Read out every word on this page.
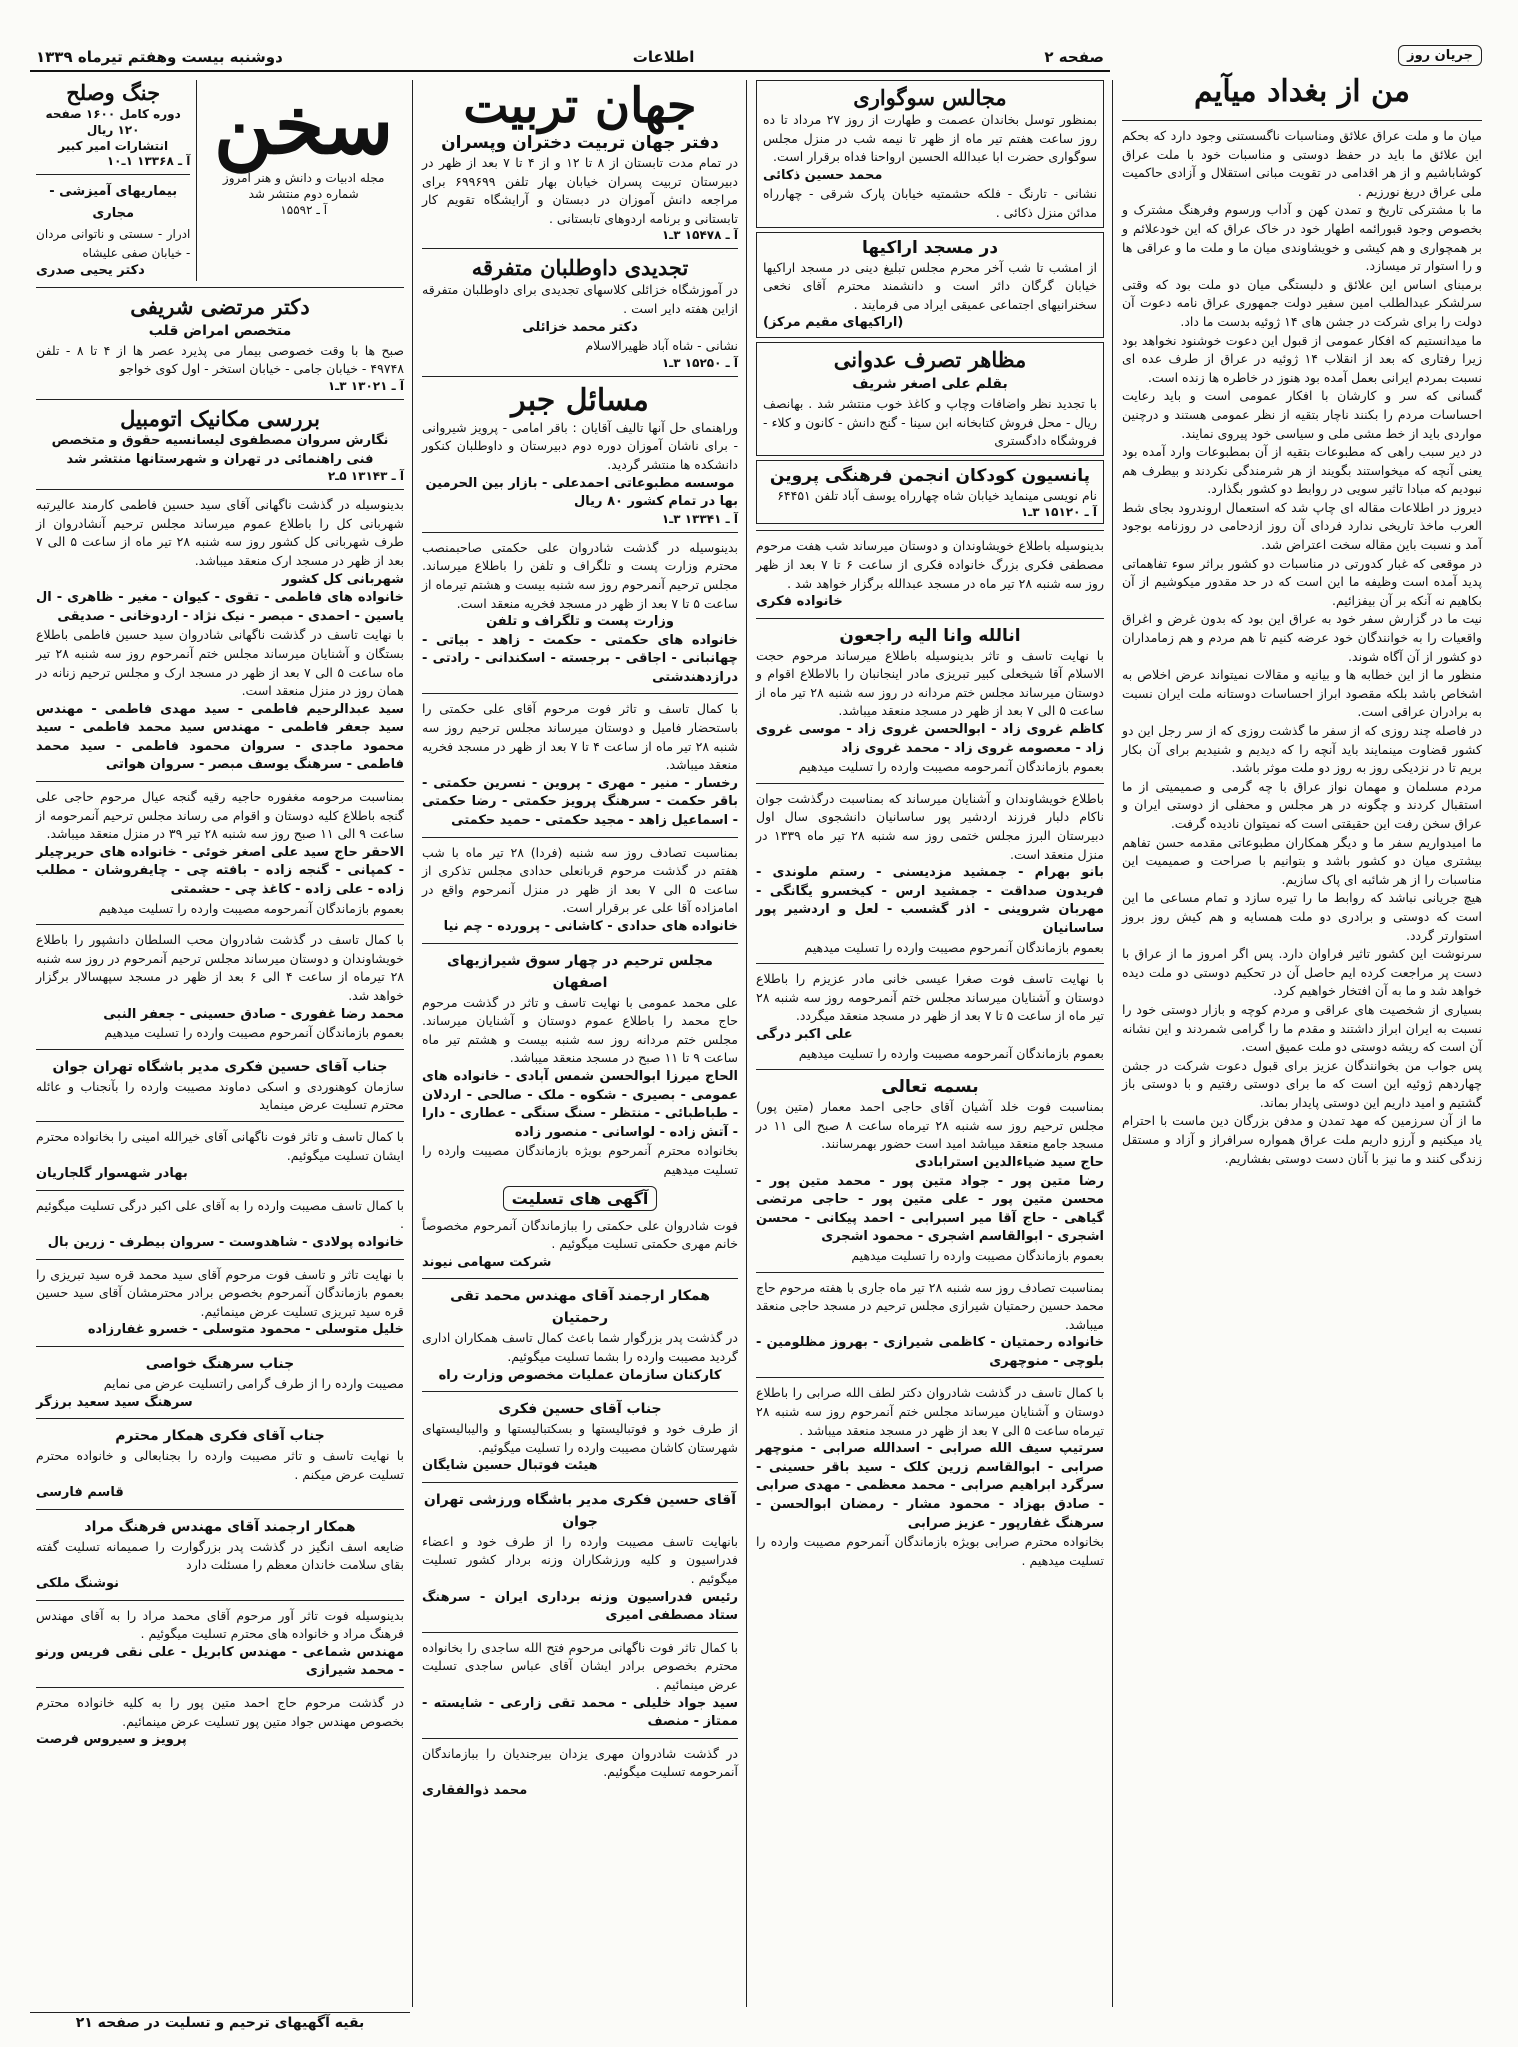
صفحه ۲
اطلاعات
دوشنبه بیست وهفتم تیرماه ۱۳۳۹	جریان روز
من از بغداد میآیم

میان ما و ملت عراق علائق ومناسبات ناگسستنی وجود دارد که بحکم این علائق ما باید در حفظ دوستی و مناسبات خود با ملت عراق کوشاباشیم و از هر اقدامی در تقویت مبانی استقلال و آزادی حاکمیت ملی عراق دریغ نورزیم .

ما با مشترکی تاریخ و تمدن کهن و آداب ورسوم وفرهنگ مشترک و بخصوص وجود قبورائمه اطهار خود در خاک عراق که این خودعلائم و بر همچواری و هم کیشی و خویشاوندی میان ما و ملت ما و عراقی ها و را استوار تر میسازد.

برمبنای اساس این علائق و دلبستگی میان دو ملت بود که وقتی سرلشکر عبدالطلب امین سفیر دولت جمهوری عراق نامه دعوت آن دولت را برای شرکت در جشن های ۱۴ ژوئیه بدست ما داد.

ما میدانستیم که افکار عمومی از قبول این دعوت خوشنود نخواهد بود زیرا رفتاری که بعد از انقلاب ۱۴ ژوئیه در عراق از طرف عده ای نسبت بمردم ایرانی بعمل آمده بود هنوز در خاطره ها زنده است.

گسانی که سر و کارشان با افکار عمومی است و باید رعایت احساسات مردم را بکنند ناچار بتقیه از نظر عمومی هستند و درچنین مواردی باید از خط مشی ملی و سیاسی خود پیروی نمایند.

در دیر سبب راهی که مطبوعات بتقیه از آن بمطبوعات وارد آمده بود یعنی آنچه که میخواستند بگویند از هر شرمندگی نکردند و بیطرف هم نبودیم که مبادا تاثیر سویی در روابط دو کشور بگذارد.

دیروز در اطلاعات مقاله ای چاپ شد که استعمال اروندرود بجای شط العرب ماخذ تاریخی ندارد فردای آن روز ازدحامی در روزنامه بوجود آمد و نسبت باین مقاله سخت اعتراض شد.

در موقعی که غبار کدورتی در مناسبات دو کشور براثر سوء تفاهماتی پدید آمده است وظیفه ما این است که در حد مقدور میکوشیم از آن بکاهیم نه آنکه بر آن بیفزائیم.

نیت ما در گزارش سفر خود به عراق این بود که بدون غرض و اغراق واقعیات را به خوانندگان خود عرضه کنیم تا هم مردم و هم زمامداران دو کشور از آن آگاه شوند.

منظور ما از این خطابه ها و بیانیه و مقالات نمیتواند عرض اخلاص به اشخاص باشد بلکه مقصود ابراز احساسات دوستانه ملت ایران نسبت به برادران عراقی است.

در فاصله چند روزی که از سفر ما گذشت روزی که از سر رجل این دو کشور قضاوت مینمایند باید آنچه را که دیدیم و شنیدیم برای آن بکار بریم تا در نزدیکی روز به روز دو ملت موثر باشد.

مردم مسلمان و مهمان نواز عراق با چه گرمی و صمیمیتی از ما استقبال کردند و چگونه در هر مجلس و محفلی از دوستی ایران و عراق سخن رفت این حقیقتی است که نمیتوان نادیده گرفت.

ما امیدواریم سفر ما و دیگر همکاران مطبوعاتی مقدمه حسن تفاهم بیشتری میان دو کشور باشد و بتوانیم با صراحت و صمیمیت این مناسبات را از هر شائبه ای پاک سازیم.

هیچ جریانی نباشد که روابط ما را تیره سازد و تمام مساعی ما این است که دوستی و برادری دو ملت همسایه و هم کیش روز بروز استوارتر گردد.

سرنوشت این کشور تاثیر فراوان دارد. پس اگر امروز ما از عراق با دست پر مراجعت کرده ایم حاصل آن در تحکیم دوستی دو ملت دیده خواهد شد و ما به آن افتخار خواهیم کرد.

بسیاری از شخصیت های عراقی و مردم کوچه و بازار دوستی خود را نسبت به ایران ابراز داشتند و مقدم ما را گرامی شمردند و این نشانه آن است که ریشه دوستی دو ملت عمیق است.

پس جواب من بخوانندگان عزیز برای قبول دعوت شرکت در جشن چهاردهم ژوئیه این است که ما برای دوستی رفتیم و با دوستی باز گشتیم و امید داریم این دوستی پایدار بماند.

ما از آن سرزمین که مهد تمدن و مدفن بزرگان دین ماست با احترام یاد میکنیم و آرزو داریم ملت عراق همواره سرافراز و آزاد و مستقل زندگی کنند و ما نیز با آنان دست دوستی بفشاریم.

مجالس سوگواری

بمنظور توسل بخاندان عصمت و طهارت از روز ۲۷ مرداد تا ده روز ساعت هفتم تیر ماه از ظهر تا نیمه شب در منزل مجلس سوگواری حضرت ابا عبدالله الحسین ارواحنا فداه برقرار است.

محمد حسین ذکائی

نشانی - تارنگ - فلکه حشمتیه خیابان پارک شرقی - چهارراه مدائن منزل ذکائی .

در مسجد اراکیها

از امشب تا شب آخر محرم مجلس تبلیغ دینی در مسجد اراکیها خیابان گرگان دائر است و دانشمند محترم آقای نخعی سخنرانیهای اجتماعی عمیقی ایراد می فرمایند .

(اراکیهای مقیم مرکز)

مظاهر تصرف عدوانی
بقلم علی اصغر شریف

با تجدید نظر واضافات وچاپ و کاغذ خوب منتشر شد . بهانصف ریال - محل فروش کتابخانه ابن سینا - گنج دانش - کانون و کلاء - فروشگاه دادگستری

پانسیون کودکان انجمن فرهنگی پروین

نام نویسی مینماید خیابان شاه چهارراه یوسف آباد تلفن ۶۴۴۵۱

آ ـ ۱۵۱۲۰ ۳ـ۱

بدینوسیله باطلاع خویشاوندان و دوستان میرساند شب هفت مرحوم مصطفی فکری بزرگ خانواده فکری از ساعت ۶ تا ۷ بعد از ظهر روز سه شنبه ۲۸ تیر ماه در مسجد عبدالله برگزار خواهد شد .

خانواده فکری

انالله وانا الیه راجعون

با نهایت تاسف و تاثر بدینوسیله باطلاع میرساند مرحوم حجت الاسلام آقا شیخعلی کبیر تبریزی مادر اینجانبان را بالاطلاع اقوام و دوستان میرساند مجلس ختم مردانه در روز سه شنبه ۲۸ تیر ماه از ساعت ۵ الی ۷ بعد از ظهر در مسجد منعقد میباشد.

کاظم غروی زاد - ابوالحسن غروی زاد - موسی غروی زاد - معصومه غروی زاد - محمد غروی زاد

بعموم بازماندگان آنمرحومه مصیبت وارده را تسلیت میدهیم

باطلاع خویشاوندان و آشنایان میرساند که بمناسبت درگذشت جوان ناکام دلبار فرزند اردشیر پور ساسانیان دانشجوی سال اول دبیرستان البرز مجلس ختمی روز سه شنبه ۲۸ تیر ماه ۱۳۳۹ در منزل منعقد است.

بانو بهرام - جمشید مزدیسنی - رستم ملوندی - فریدون صداقت - جمشید ارس - کیخسرو یگانگی - مهربان شروینی - اذر گشسب - لعل و اردشیر پور ساسانیان

بعموم بازماندگان آنمرحوم مصیبت وارده را تسلیت میدهیم

با نهایت تاسف فوت صغرا عیسی خانی مادر عزیزم را باطلاع دوستان و آشنایان میرساند مجلس ختم آنمرحومه روز سه شنبه ۲۸ تیر ماه از ساعت ۵ تا ۷ بعد از ظهر در مسجد منعقد میگردد.

علی اکبر درگی

بعموم بازماندگان آنمرحومه مصیبت وارده را تسلیت میدهیم

بسمه تعالی

بمناسبت فوت خلد آشیان آقای حاجی احمد معمار (متین پور) مجلس ترحیم روز سه شنبه ۲۸ تیرماه ساعت ۸ صبح الی ۱۱ در مسجد جامع منعقد میباشد امید است حضور بهمرسانند.

حاج سید ضیاءالدین استرابادی

رضا متین پور - جواد متین پور - محمد متین پور - محسن متین پور - علی متین پور - حاجی مرتضی گیاهی - حاج آقا میر اسبرابی - احمد پیکانی - محسن اشجری - ابوالقاسم اشجری - محمود اشجری

بعموم بازماندگان مصیبت وارده را تسلیت میدهیم

بمناسبت تصادف روز سه شنبه ۲۸ تیر ماه جاری با هفته مرحوم حاج محمد حسین رحمتیان شیرازی مجلس ترحیم در مسجد حاجی منعقد میباشد.

خانواده رحمتیان - کاظمی شیرازی - بهروز مظلومین - بلوچی - منوچهری

با کمال تاسف در گذشت شادروان دکتر لطف الله صرابی را باطلاع دوستان و آشنایان میرساند مجلس ختم آنمرحوم روز سه شنبه ۲۸ تیرماه ساعت ۵ الی ۷ بعد از ظهر در مسجد منعقد میباشد .

سرتیپ سیف الله صرابی - اسدالله صرابی - منوچهر صرابی - ابوالقاسم زرین کلک - سید باقر حسینی - سرگرد ابراهیم صرابی - محمد معظمی - مهدی صرابی - صادق بهزاد - محمود مشار - رمضان ابوالحسن - سرهنگ غفارپور - عزیز صرابی

بخانواده محترم صرابی بویژه بازماندگان آنمرحوم مصیبت وارده را تسلیت میدهیم .

جهان تربیت
دفتر جهان تربیت دختران وپسران

در تمام مدت تابستان از ۸ تا ۱۲ و از ۴ تا ۷ بعد از ظهر در دبیرستان تربیت پسران خیابان بهار تلفن ۶۹۹۶۹۹ برای مراجعه دانش آموزان در دبستان و آرایشگاه تقویم کار تابستانی و برنامه اردوهای تابستانی .

آ ـ ۱۵۴۷۸ ۳ـ۱
تجدیدی داوطلبان متفرقه

در آموزشگاه خزائلی کلاسهای تجدیدی برای داوطلبان متفرقه ازاین هفته دایر است .

دکتر محمد خزائلی

نشانی - شاه آباد ظهیرالاسلام

آ ـ ۱۵۲۵۰ ۳ـ۱
مسائل جبر

وراهنمای حل آنها تالیف آقایان : باقر امامی - پرویز شیروانی - برای ناشان آموزان دوره دوم دبیرستان و داوطلبان کنکور دانشکده ها منتشر گردید.

موسسه مطبوعاتی احمدعلی - بازار بین الحرمین

بها در تمام کشور ۸۰ ریال

آ ـ ۱۳۳۴۱ ۳ـ۱

بدینوسیله در گذشت شادروان علی حکمتی صاحبمنصب محترم وزارت پست و تلگراف و تلفن را باطلاع میرساند. مجلس ترحیم آنمرحوم روز سه شنبه بیست و هشتم تیرماه از ساعت ۵ تا ۷ بعد از ظهر در مسجد فخریه منعقد است.

وزارت پست و تلگراف و تلفن

خانواده های حکمتی - حکمت - زاهد - بیاتی - چهانبانی - اجاقی - برجسته - اسکندانی - رادتی - درازدهندشتی

با کمال تاسف و تاثر فوت مرحوم آقای علی حکمتی را باستحضار فامیل و دوستان میرساند مجلس ترحیم روز سه شنبه ۲۸ تیر ماه از ساعت ۴ تا ۷ بعد از ظهر در مسجد فخریه منعقد میباشد.

رخسار - منیر - مهری - پروین - نسرین حکمتی - باقر حکمت - سرهنگ پرویز حکمتی - رضا حکمتی - اسماعیل زاهد - مجید حکمتی - حمید حکمتی

بمناسبت تصادف روز سه شنبه (فردا) ۲۸ تیر ماه با شب هفتم در گذشت مرحوم قربانعلی حدادی مجلس تذکری از ساعت ۵ الی ۷ بعد از ظهر در منزل آنمرحوم واقع در امامزاده آقا علی عر برقرار است.

خانواده های حدادی - کاشانی - پرورده - چم نیا

مجلس ترحیم در چهار سوق شیرازیهای اصفهان

علی محمد عمومی با نهایت تاسف و تاثر در گذشت مرحوم حاج محمد را باطلاع عموم دوستان و آشنایان میرساند. مجلس ختم مردانه روز سه شنبه بیست و هشتم تیر ماه ساعت ۹ تا ۱۱ صبح در مسجد منعقد میباشد.

الحاج میرزا ابوالحسن شمس آبادی - خانواده های عمومی - بصیری - شکوه - ملک - صالحی - اردلان - طباطبائی - منتظر - سنگ سنگی - عطاری - دارا - آتش زاده - لواسانی - منصور زاده

بخانواده محترم آنمرحوم بویژه بازماندگان مصیبت وارده را تسلیت میدهیم

آگهی های تسلیت

فوت شادروان علی حکمتی را ببازماندگان آنمرحوم مخصوصاً خانم مهری حکمتی تسلیت میگوئیم .

شرکت سهامی نیوند

همکار ارجمند آقای مهندس محمد تقی رحمتیان

در گذشت پدر بزرگوار شما باعث کمال تاسف همکاران اداری گردید مصیبت وارده را بشما تسلیت میگوئیم.

کارکنان سازمان عملیات مخصوص وزارت راه

جناب آقای حسین فکری

از طرف خود و فوتبالیستها و بسکتبالیستها و والیبالیستهای شهرستان کاشان مصیبت وارده را تسلیت میگوئیم.

هیئت فوتبال حسین شایگان

آقای حسین فکری مدیر باشگاه ورزشی تهران جوان

بانهایت تاسف مصیبت وارده را از طرف خود و اعضاء فدراسیون و کلیه ورزشکاران وزنه بردار کشور تسلیت میگوئیم .

رئیس فدراسیون وزنه برداری ایران - سرهنگ ستاد مصطفی امیری

با کمال تاثر فوت ناگهانی مرحوم فتح الله ساجدی را بخانواده محترم بخصوص برادر ایشان آقای عباس ساجدی تسلیت عرض مینمائیم .

سید جواد خلیلی - محمد تقی زارعی - شایسته - ممتاز - منصف

در گذشت شادروان مهری یزدان بیرجندیان را ببازماندگان آنمرحومه تسلیت میگوئیم.

محمد ذوالفقاری

سخن
مجله ادبیات و دانش و هنر امروز
شماره دوم منتشر شد
آ ـ ۱۵۵۹۲
جنگ وصلح
دوره کامل ۱۶۰۰ صفحه
۱۲۰ ریال
انتشارات امیر کبیر
آ ـ ۱۳۳۶۸ ۱ـ۱۰
بیماریهای آمیزشی - مجاری

ادرار - سستی و ناتوانی مردان - خیابان صفی علیشاه

دکتر یحیی صدری

دکتر مرتضی شریفی
متخصص امراض قلب

صبح ها با وقت خصوصی بیمار می پذیرد عصر ها از ۴ تا ۸ - تلفن ۴۹۷۴۸ - خیابان جامی - خیابان استخر - اول کوی خواجو

آ ـ ۱۳۰۲۱ ۳ـ۱
بررسی مکانیک اتومبیل

نگارش سروان مصطفوی لیسانسیه حقوق و متخصص فنی راهنمائی در تهران و شهرستانها منتشر شد

آ ـ ۱۳۱۴۳ ۵ـ۲

بدینوسیله در گذشت ناگهانی آقای سید حسین فاطمی کارمند عالیرتبه شهربانی کل را باطلاع عموم میرساند مجلس ترحیم آنشادروان از طرف شهربانی کل کشور روز سه شنبه ۲۸ تیر ماه از ساعت ۵ الی ۷ بعد از ظهر در مسجد ارک منعقد میباشد.

شهربانی کل کشور

خانواده های فاطمی - تقوی - کیوان - مغیر - ظاهری - ال یاسین - احمدی - مبصر - نیک نژاد - اردوخانی - صدیقی

با نهایت تاسف در گذشت ناگهانی شادروان سید حسین فاطمی باطلاع بستگان و آشنایان میرساند مجلس ختم آنمرحوم روز سه شنبه ۲۸ تیر ماه ساعت ۵ الی ۷ بعد از ظهر در مسجد ارک و مجلس ترحیم زنانه در همان روز در منزل منعقد است.

سید عبدالرحیم فاطمی - سید مهدی فاطمی - مهندس سید جعفر فاطمی - مهندس سید محمد فاطمی - سید محمود ماجدی - سروان محمود فاطمی - سید محمد فاطمی - سرهنگ یوسف مبصر - سروان هواتی

بمناسبت مرحومه مغفوره حاجیه رقیه گنجه عیال مرحوم حاجی علی گنجه باطلاع کلیه دوستان و اقوام می رساند مجلس ترحیم آنمرحومه از ساعت ۹ الی ۱۱ صبح روز سه شنبه ۲۸ تیر ۳۹ در منزل منعقد میباشد.

الاحقر حاج سید علی اصغر خوئی - خانواده های حریرچیلر - کمپانی - گنجه زاده - بافته چی - چایفروشان - مطلب زاده - علی زاده - کاغذ چی - حشمتی

بعموم بازماندگان آنمرحومه مصیبت وارده را تسلیت میدهیم

با کمال تاسف در گذشت شادروان محب السلطان دانشپور را باطلاع خویشاوندان و دوستان میرساند مجلس ترحیم آنمرحوم در روز سه شنبه ۲۸ تیرماه از ساعت ۴ الی ۶ بعد از ظهر در مسجد سپهسالار برگزار خواهد شد.

محمد رضا غفوری - صادق حسینی - جعفر النبی

بعموم بازماندگان آنمرحوم مصیبت وارده را تسلیت میدهیم

جناب آقای حسین فکری مدیر باشگاه تهران جوان

سازمان کوهنوردی و اسکی دماوند مصیبت وارده را بآنجناب و عائله محترم تسلیت عرض مینماید

با کمال تاسف و تاثر فوت ناگهانی آقای خیرالله امینی را بخانواده محترم ایشان تسلیت میگوئیم.

بهادر شهسوار گلجاریان

با کمال تاسف مصیبت وارده را به آقای علی اکبر درگی تسلیت میگوئیم .

خانواده پولادی - شاهدوست - سروان بیطرف - زرین بال

با نهایت تاثر و تاسف فوت مرحوم آقای سید محمد قره سید تبریزی را بعموم بازماندگان آنمرحوم بخصوص برادر محترمشان آقای سید حسین قره سید تبریزی تسلیت عرض مینمائیم.

خلیل متوسلی - محمود متوسلی - خسرو غفارزاده

جناب سرهنگ خواصی

مصیبت وارده را از طرف گرامی راتسلیت عرض می نمایم

سرهنگ سید سعید برزگر

جناب آقای فکری همکار محترم

با نهایت تاسف و تاثر مصیبت وارده را بجنابعالی و خانواده محترم تسلیت عرض میکنم .

قاسم فارسی

همکار ارجمند آقای مهندس فرهنگ مراد

ضایعه اسف انگیز در گذشت پدر بزرگوارت را صمیمانه تسلیت گفته بقای سلامت خاندان معظم را مسئلت دارد

نوشنگ ملکی

بدینوسیله فوت تاثر آور مرحوم آقای محمد مراد را به آقای مهندس فرهنگ مراد و خانواده های محترم تسلیت میگوئیم .

مهندس شماعی - مهندس کابریل - علی نقی فریس ورنو - محمد شیرازی

در گذشت مرحوم حاج احمد متین پور را به کلیه خانواده محترم بخصوص مهندس جواد متین پور تسلیت عرض مینمائیم.

پرویز و سیروس فرصت

بقیه آگهیهای ترحیم و تسلیت در صفحه ۲۱
